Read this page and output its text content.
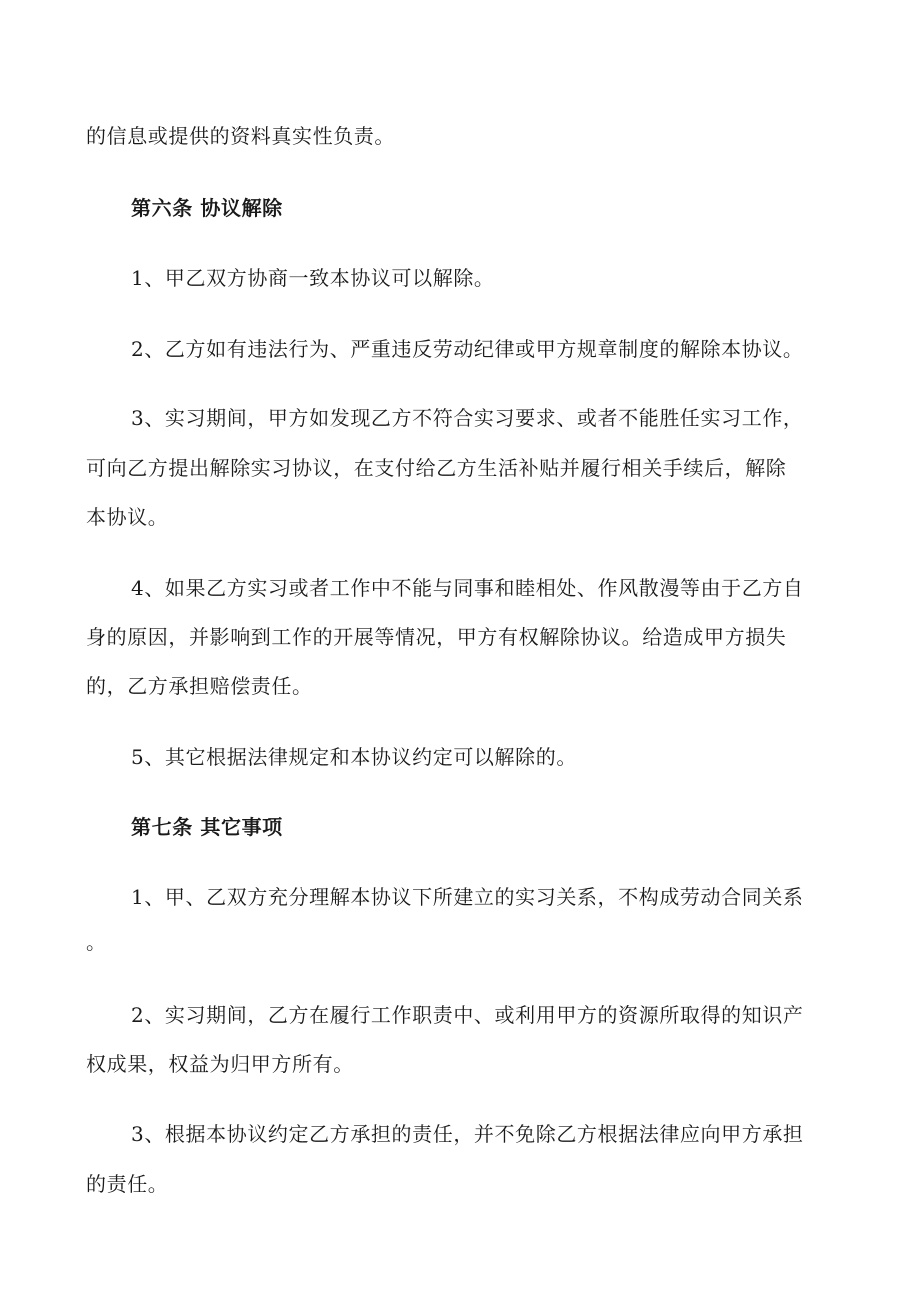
的信息或提供的资料真实性负责。
第六条 协议解除
1、甲乙双方协商一致本协议可以解除。
2、乙方如有违法行为、严重违反劳动纪律或甲方规章制度的解除本协议。
3、实习期间，甲方如发现乙方不符合实习要求、或者不能胜任实习工作，
可向乙方提出解除实习协议，在支付给乙方生活补贴并履行相关手续后，解除
本协议。
4、如果乙方实习或者工作中不能与同事和睦相处、作风散漫等由于乙方自
身的原因，并影响到工作的开展等情况，甲方有权解除协议。给造成甲方损失
的，乙方承担赔偿责任。
5、其它根据法律规定和本协议约定可以解除的。
第七条 其它事项
1、甲、乙双方充分理解本协议下所建立的实习关系，不构成劳动合同关系
。
2、实习期间，乙方在履行工作职责中、或利用甲方的资源所取得的知识产
权成果，权益为归甲方所有。
3、根据本协议约定乙方承担的责任，并不免除乙方根据法律应向甲方承担
的责任。
